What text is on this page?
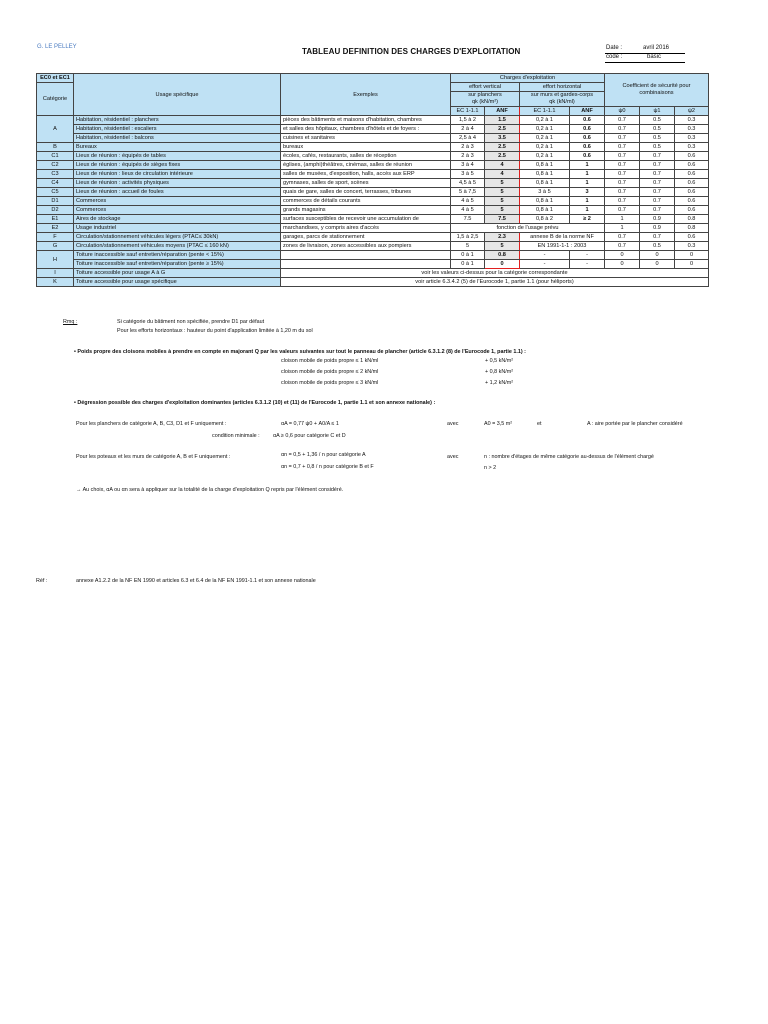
G. LE PELLEY	TABLEAU DEFINITION DES CHARGES D'EXPLOITATION	Date :	avril 2016
code :	basic
EC0 et EC1	Usage spécifique	Exemples	Charges d'exploitation				Coefficient de sécurité pour combinaisons		
Catégorie			effort vertical		effort horizontal				
			sur planchers
qk (kN/m²)		sur murs et gardes-corps
qk (kN/ml)				
			EC 1-1.1	ANF	EC 1-1.1	ANF	ψ0	ψ1	ψ2
A	Habitation, résidentiel : planchers	pièces des bâtiments et maisons d'habitation, chambres	1,5 à 2	1.5	0,2 à 1	0.6	0.7	0.5	0.3
	Habitation, résidentiel : escaliers	et salles des hôpitaux, chambres d'hôtels et de foyers :	2 à 4	2.5	0,2 à 1	0.6	0.7	0.5	0.3
	Habitation, résidentiel : balcons	cuisines et sanitaires	2,5 à 4	3.5	0,2 à 1	0.6	0.7	0.5	0.3
B	Bureaux	bureaux	2 à 3	2.5	0,2 à 1	0.6	0.7	0.5	0.3
C1	Lieux de réunion : équipés de tables	écoles, cafés, restaurants, salles de réception	2 à 3	2.5	0,2 à 1	0.6	0.7	0.7	0.6
C2	Lieux de réunion : équipés de sièges fixes	églises, (amphi)théâtres, cinémas, salles de réunion	3 à 4	4	0,8 à 1	1	0.7	0.7	0.6
C3	Lieux de réunion : lieux de circulation intérieure	salles de musées, d'exposition, halls, accès aux ERP	3 à 5	4	0,8 à 1	1	0.7	0.7	0.6
C4	Lieux de réunion : activités physiques	gymnases, salles de sport, scènes	4,5 à 5	5	0,8 à 1	1	0.7	0.7	0.6
C5	Lieux de réunion : accueil de foules	quais de gare, salles de concert, terrasses, tribunes	5 à 7,5	5	3 à 5	3	0.7	0.7	0.6
D1	Commerces	commerces de détails courants	4 à 5	5	0,8 à 1	1	0.7	0.7	0.6
D2	Commerces	grands magasins	4 à 5	5	0,8 à 1	1	0.7	0.7	0.6
E1	Aires de stockage	surfaces susceptibles de recevoir une accumulation de	7.5	7.5	0,8 à 2	≥ 2	1	0.9	0.8
E2	Usage industriel	marchandises, y compris aires d'accès	fonction de l'usage prévu				1	0.9	0.8
F	Circulation/stationnement véhicules légers (PTAC≤ 30kN)	garages, parcs de stationnement	1,5 à 2,5	2.3	annexe B de la norme NF		0.7	0.7	0.6
G	Circulation/stationnement véhicules moyens (PTAC ≤ 160 kN)	zones de livraison, zones accessibles aux pompiers	5	5	EN 1991-1-1 : 2003		0.7	0.5	0.3
H	Toiture inaccessible sauf entretien/réparation (pente < 15%)		0 à 1	0.8	-	-	0	0	0
	Toiture inaccessible sauf entretien/réparation (pente ≥ 15%)		0 à 1	0	-	-	0	0	0
I	Toiture accessible pour usage A à G	voir les valeurs ci-dessus pour la catégorie correspondante							
K	Toiture accessible pour usage spécifique	voir article 6.3.4.2 (5) de l'Eurocode 1, partie 1.1 (pour héliports)							
Rmq :	Si catégorie du bâtiment non spécifiée, prendre D1 par défaut
Pour les efforts horizontaux : hauteur du point d'application limitée à 1,20 m du sol
• Poids propre des cloisons mobiles à prendre en compte en majorant Q par les valeurs suivantes sur tout le panneau de plancher (article 6.3.1.2 (8) de l'Eurocode 1, partie 1.1) :
cloison mobile de poids propre ≤ 1 kN/ml	+ 0,5 kN/m²
cloison mobile de poids propre ≤ 2 kN/ml	+ 0,8 kN/m²
cloison mobile de poids propre ≤ 3 kN/ml	+ 1,2 kN/m²
• Dégression possible des charges d'exploitation dominantes (articles 6.3.1.2 (10) et (11) de l'Eurocode 1, partie 1.1 et son annexe nationale) :
Pour les planchers de catégorie A, B, C3, D1 et F uniquement :	αA = 0,77 ψ0 + A0/A ≤ 1	avec	A0 = 3,5 m²	et	A : aire portée par le plancher considéré
condition minimale : αA ≥ 0,6 pour catégorie C et D
Pour les poteaux et les murs de catégorie A, B et F uniquement :	αn = 0,5 + 1,36 / n pour catégorie A
αn = 0,7 + 0,8 / n pour catégorie B et F
avec	n : nombre d'étages de même catégorie au-dessus de l'élément chargé
n > 2
→ Au choix, αA ou αn sera à appliquer sur la totalité de la charge d'exploitation Q repris par l'élément considéré.
Réf :	annexe A1.2.2 de la NF EN 1990 et articles 6.3 et 6.4 de la NF EN 1991-1.1 et son annexe nationale
